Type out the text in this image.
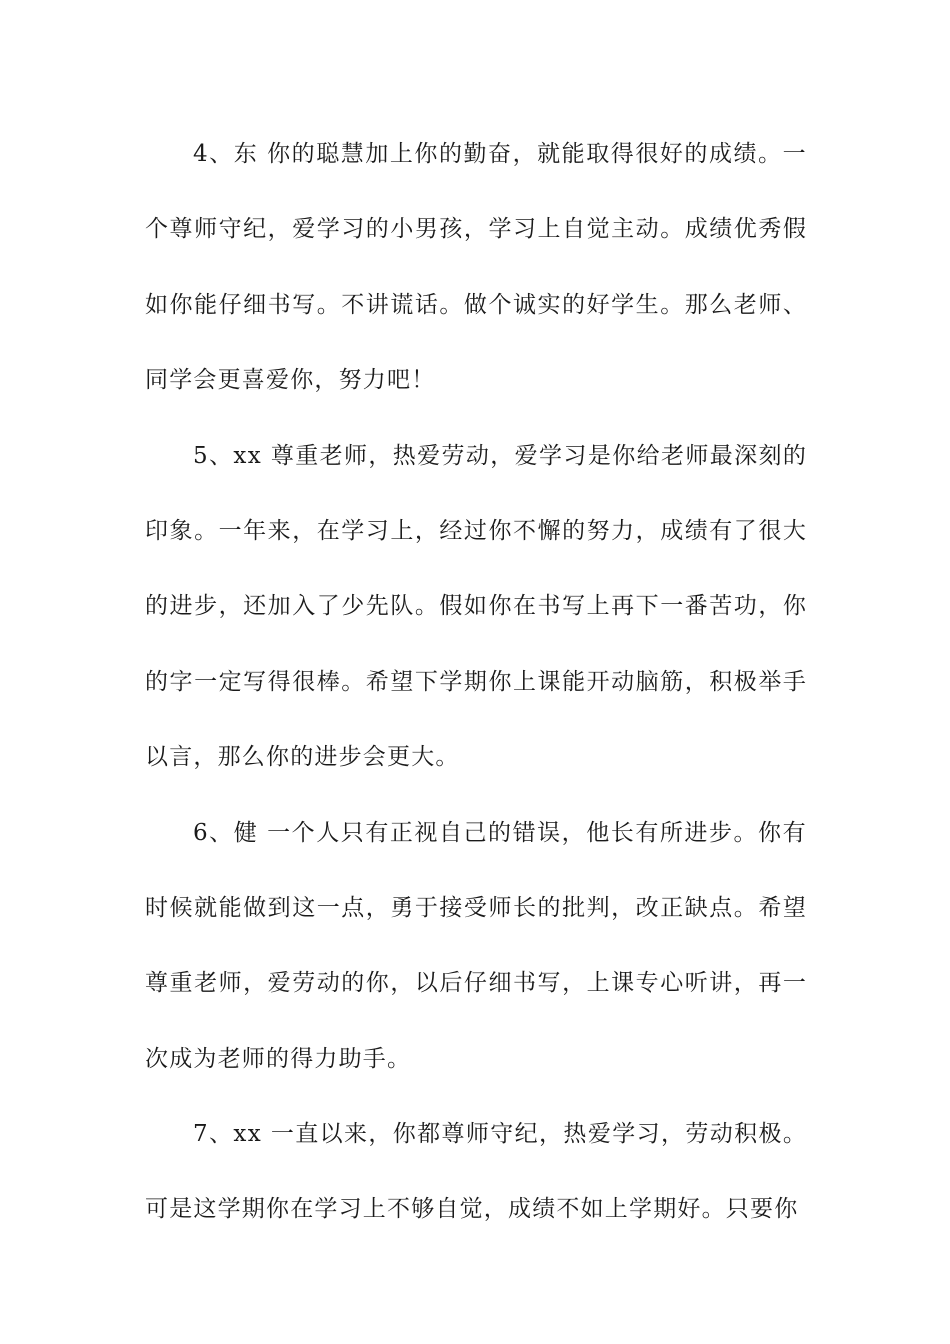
4、东 你的聪慧加上你的勤奋，就能取得很好的成绩。一
个尊师守纪，爱学习的小男孩，学习上自觉主动。成绩优秀假
如你能仔细书写。不讲谎话。做个诚实的好学生。那么老师、
同学会更喜爱你，努力吧！

5、xx 尊重老师，热爱劳动，爱学习是你给老师最深刻的
印象。一年来，在学习上，经过你不懈的努力，成绩有了很大
的进步，还加入了少先队。假如你在书写上再下一番苦功，你
的字一定写得很棒。希望下学期你上课能开动脑筋，积极举手
以言，那么你的进步会更大。

6、健 一个人只有正视自己的错误，他长有所进步。你有
时候就能做到这一点，勇于接受师长的批判，改正缺点。希望
尊重老师，爱劳动的你，以后仔细书写，上课专心听讲，再一
次成为老师的得力助手。

7、xx 一直以来，你都尊师守纪，热爱学习，劳动积极。
可是这学期你在学习上不够自觉，成绩不如上学期好。只要你
